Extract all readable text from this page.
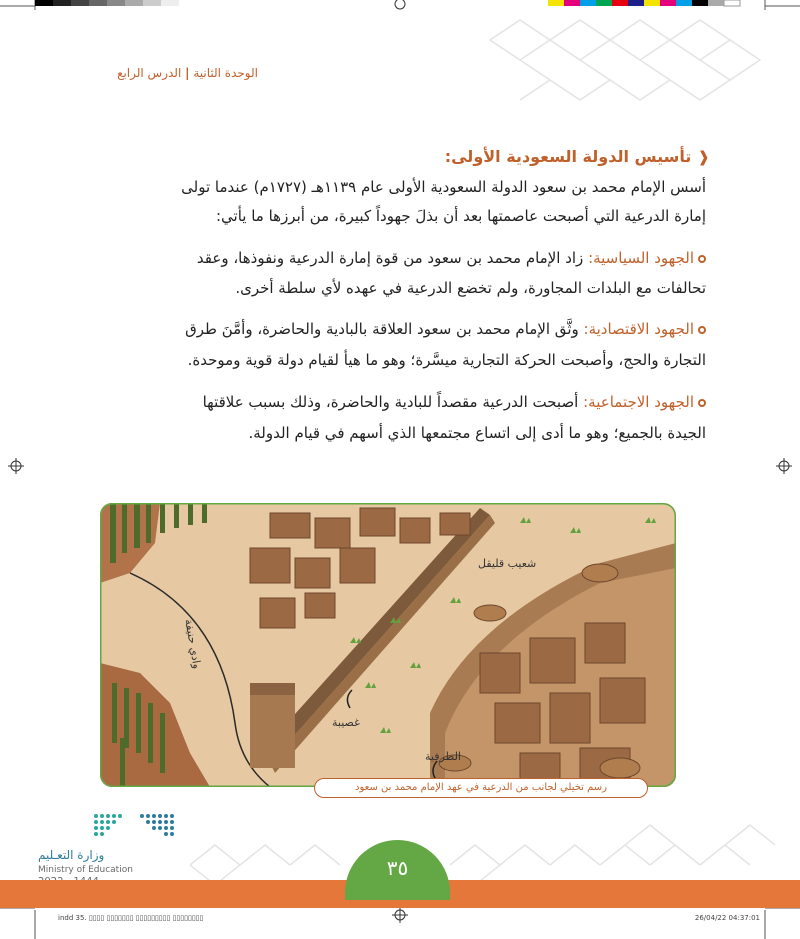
الوحدة الثانية | الدرس الرابع
❰تأسيس الدولة السعودية الأولى:
أسس الإمام محمد بن سعود الدولة السعودية الأولى عام ١١٣٩هـ (١٧٢٧م) عندما تولى
إمارة الدرعية التي أصبحت عاصمتها بعد أن بذلَ جهوداً كبيرة، من أبرزها ما يأتي:
الجهود السياسية: زاد الإمام محمد بن سعود من قوة إمارة الدرعية ونفوذها، وعقد
تحالفات مع البلدات المجاورة، ولم تخضع الدرعية في عهده لأي سلطة أخرى.
الجهود الاقتصادية: وثَّق الإمام محمد بن سعود العلاقة بالبادية والحاضرة، وأمَّنَ طرق
التجارة والحج، وأصبحت الحركة التجارية ميسَّرة؛ وهو ما هيأ لقيام دولة قوية وموحدة.
الجهود الاجتماعية: أصبحت الدرعية مقصداً للبادية والحاضرة، وذلك بسبب علاقتها
الجيدة بالجميع؛ وهو ما أدى إلى اتساع مجتمعها الذي أسهم في قيام الدولة.
شعيب قليقل
غصيبة
الطرفية
وادي حنيفة
رسم تخيلي لجانب من الدرعية في عهد الإمام محمد بن سعود
وزارة التعـليم
Ministry of Education	٣٥
indd 35. ▯▯▯▯ ▯▯▯▯▯▯▯ ▯▯▯▯▯▯▯▯▯ ▯▯▯▯▯▯▯▯	26/04/22 04:37:01
